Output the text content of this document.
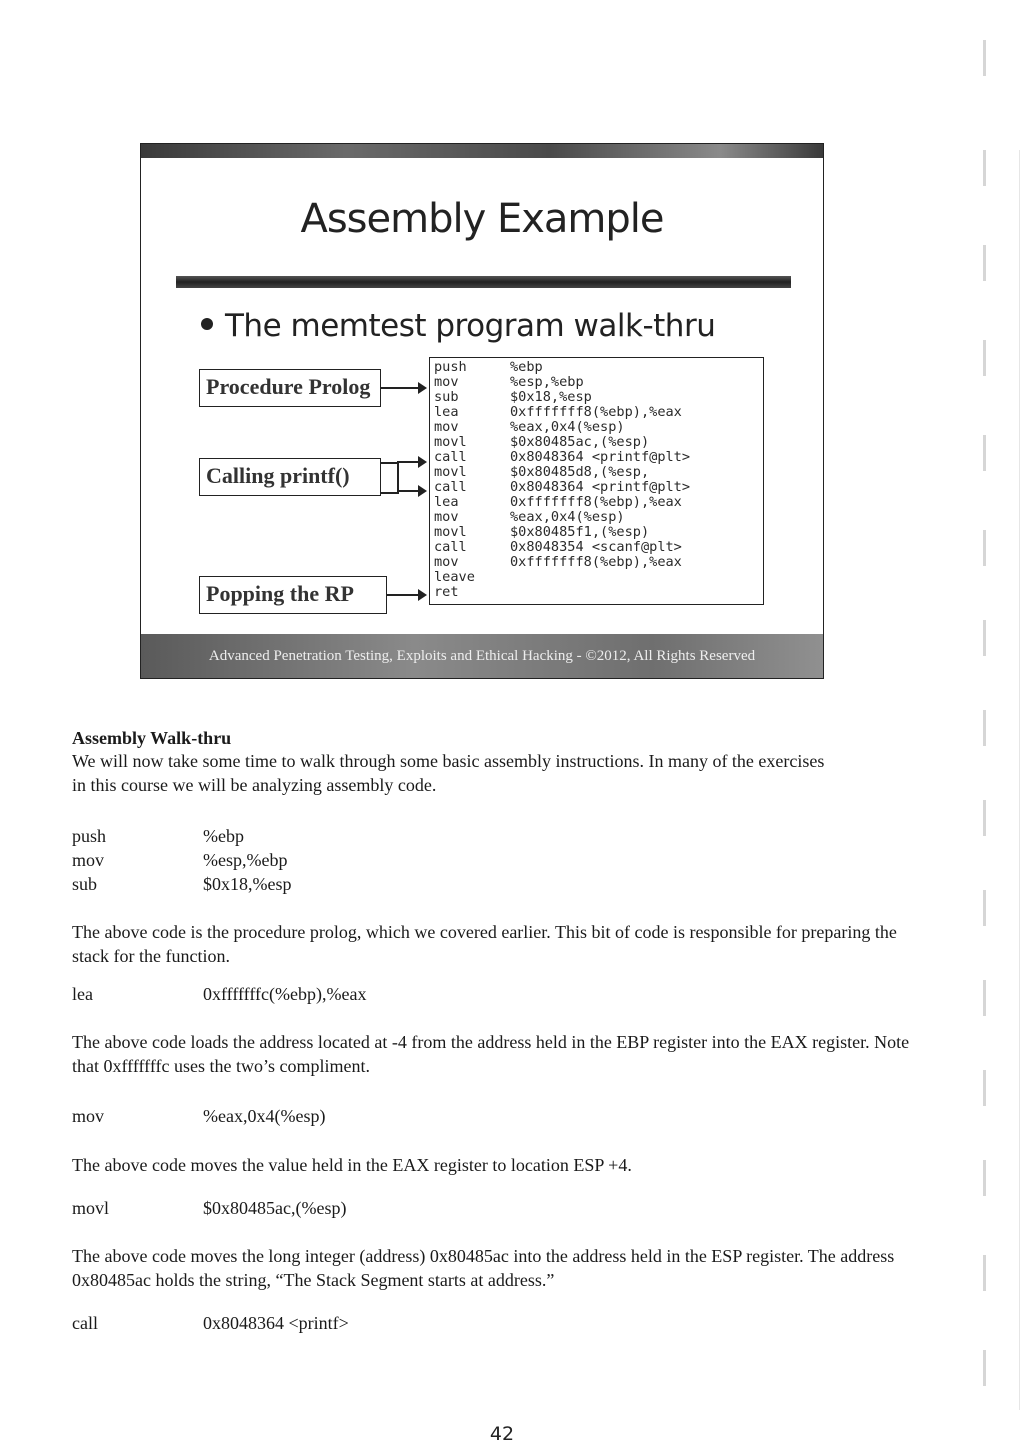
Assembly Example
The memtest program walk-thru
Procedure Prolog
Calling printf()
Popping the RP
push	%ebp
mov	%esp,%ebp
sub	$0x18,%esp
lea	0xfffffff8(%ebp),%eax
mov	%eax,0x4(%esp)
movl	$0x80485ac,(%esp)
call	0x8048364 <printf@plt>
movl	$0x80485d8,(%esp,
call	0x8048364 <printf@plt>
lea	0xfffffff8(%ebp),%eax
mov	%eax,0x4(%esp)
movl	$0x80485f1,(%esp)
call	0x8048354 <scanf@plt>
mov	0xfffffff8(%ebp),%eax
leave
ret
Advanced Penetration Testing, Exploits and Ethical Hacking - ©2012, All Rights Reserved
Assembly Walk-thru
We will now take some time to walk through some basic assembly instructions. In many of the exercises in this course we will be analyzing assembly code.
push	%ebp
mov	%esp,%ebp
sub	$0x18,%esp
The above code is the procedure prolog, which we covered earlier. This bit of code is responsible for preparing the stack for the function.
lea	0xfffffffc(%ebp),%eax
The above code loads the address located at -4 from the address held in the EBP register into the EAX register. Note that 0xfffffffc uses the two’s compliment.
mov	%eax,0x4(%esp)
The above code moves the value held in the EAX register to location ESP +4.
movl	$0x80485ac,(%esp)
The above code moves the long integer (address) 0x80485ac into the address held in the ESP register. The address 0x80485ac holds the string, “The Stack Segment starts at address.”
call	0x8048364 <printf>
42
